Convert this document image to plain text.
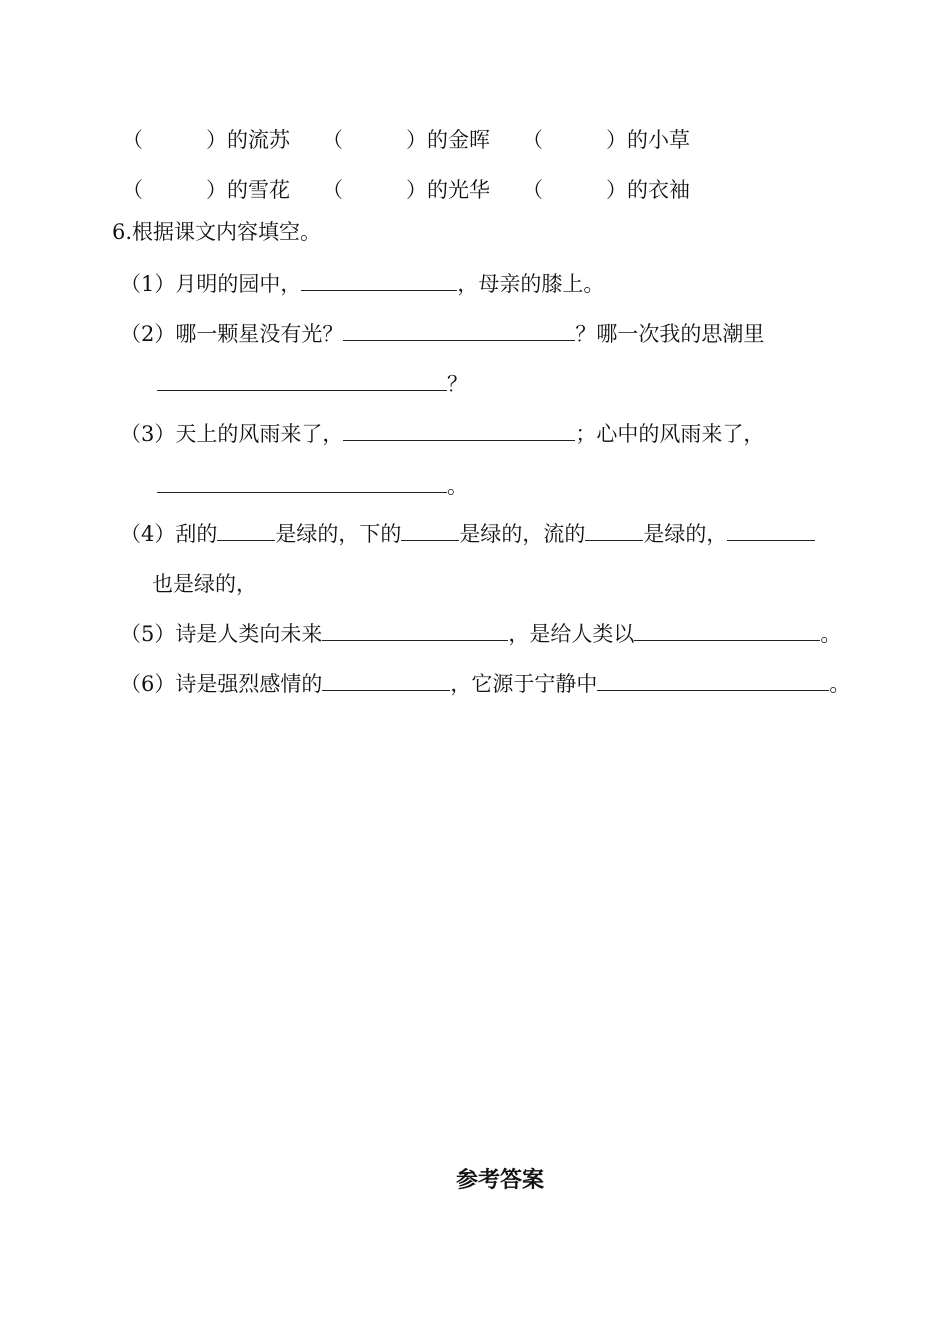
（　　　）的流苏 （　　　）的金晖 （　　　）的小草
（　　　）的雪花 （　　　）的光华 （　　　）的衣袖
6.根据课文内容填空。
（1）月明的园中，	，母亲的膝上。
（2）哪一颗星没有光？	？哪一次我的思潮里
？
（3）天上的风雨来了，	；心中的风雨来了，
。
（4）刮的	是绿的，下的	是绿的，流的	是绿的，
也是绿的，
（5）诗是人类向未来	，是给人类以	。
（6）诗是强烈感情的	，它源于宁静中	。
参考答案
